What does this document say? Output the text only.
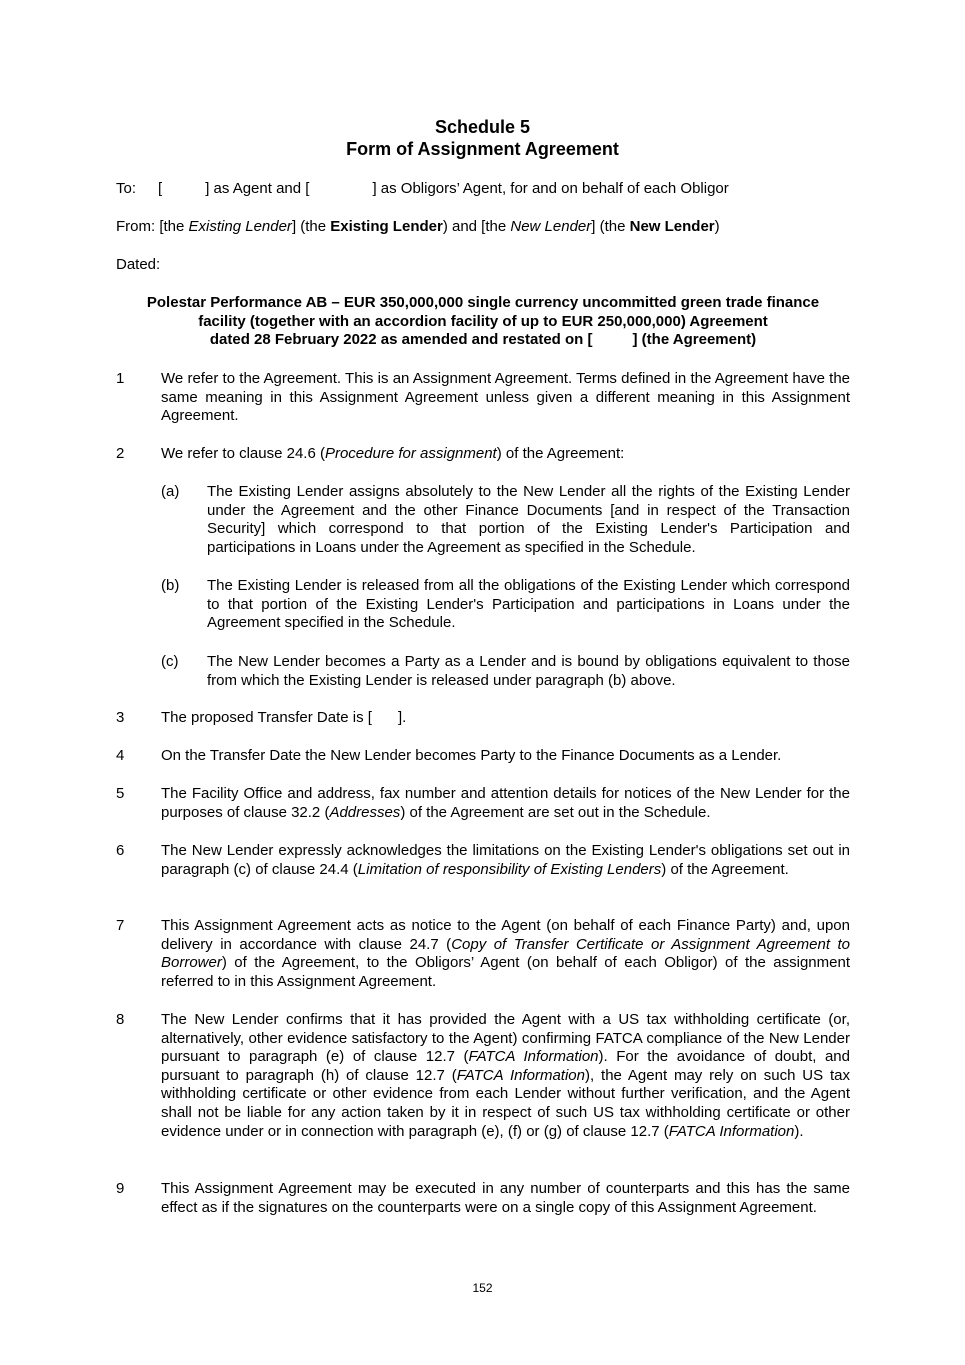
Schedule 5
Form of Assignment Agreement
To: [	] as Agent and [	] as Obligors’ Agent, for and on behalf of each Obligor
From: [the Existing Lender] (the Existing Lender) and [the New Lender] (the New Lender)
Dated:
Polestar Performance AB – EUR 350,000,000 single currency uncommitted green trade finance
facility (together with an accordion facility of up to EUR 250,000,000) Agreement
dated 28 February 2022 as amended and restated on [	] (the Agreement)
1	We refer to the Agreement. This is an Assignment Agreement. Terms defined in the Agreement have the same meaning in this Assignment Agreement unless given a different meaning in this Assignment Agreement.
2	We refer to clause 24.6 (Procedure for assignment) of the Agreement:
(a)	The Existing Lender assigns absolutely to the New Lender all the rights of the Existing Lender under the Agreement and the other Finance Documents [and in respect of the Transaction Security] which correspond to that portion of the Existing Lender's Participation and participations in Loans under the Agreement as specified in the Schedule.
(b)	The Existing Lender is released from all the obligations of the Existing Lender which correspond to that portion of the Existing Lender's Participation and participations in Loans under the Agreement specified in the Schedule.
(c)	The New Lender becomes a Party as a Lender and is bound by obligations equivalent to those from which the Existing Lender is released under paragraph (b) above.
3	The proposed Transfer Date is [ ].
4	On the Transfer Date the New Lender becomes Party to the Finance Documents as a Lender.
5	The Facility Office and address, fax number and attention details for notices of the New Lender for the purposes of clause 32.2 (Addresses) of the Agreement are set out in the Schedule.
6	The New Lender expressly acknowledges the limitations on the Existing Lender's obligations set out in paragraph (c) of clause 24.4 (Limitation of responsibility of Existing Lenders) of the Agreement.
7	This Assignment Agreement acts as notice to the Agent (on behalf of each Finance Party) and, upon delivery in accordance with clause 24.7 (Copy of Transfer Certificate or Assignment Agreement to Borrower) of the Agreement, to the Obligors’ Agent (on behalf of each Obligor) of the assignment referred to in this Assignment Agreement.
8	The New Lender confirms that it has provided the Agent with a US tax withholding certificate (or, alternatively, other evidence satisfactory to the Agent) confirming FATCA compliance of the New Lender pursuant to paragraph (e) of clause 12.7 (FATCA Information). For the avoidance of doubt, and pursuant to paragraph (h) of clause 12.7 (FATCA Information), the Agent may rely on such US tax withholding certificate or other evidence from each Lender without further verification, and the Agent shall not be liable for any action taken by it in respect of such US tax withholding certificate or other evidence under or in connection with paragraph (e), (f) or (g) of clause 12.7 (FATCA Information).
9	This Assignment Agreement may be executed in any number of counterparts and this has the same effect as if the signatures on the counterparts were on a single copy of this Assignment Agreement.
152
